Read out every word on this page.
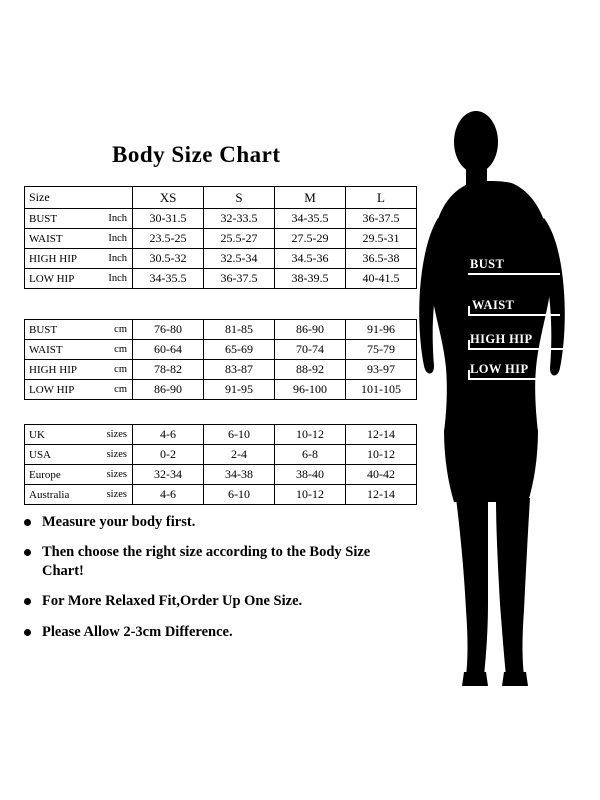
Body Size Chart
Size	XS	S	M	L
BUST Inch	30-31.5	32-33.5	34-35.5	36-37.5
WAIST Inch	23.5-25	25.5-27	27.5-29	29.5-31
HIGH HIP Inch	30.5-32	32.5-34	34.5-36	36.5-38
LOW HIP Inch	34-35.5	36-37.5	38-39.5	40-41.5
BUST cm	76-80	81-85	86-90	91-96
WAIST cm	60-64	65-69	70-74	75-79
HIGH HIP cm	78-82	83-87	88-92	93-97
LOW HIP cm	86-90	91-95	96-100	101-105
UK sizes	4-6	6-10	10-12	12-14
USA sizes	0-2	2-4	6-8	10-12
Europe sizes	32-34	34-38	38-40	40-42
Australia sizes	4-6	6-10	10-12	12-14
Measure your body first.
Then choose the right size according to the Body Size Chart!
For More Relaxed Fit,Order Up One Size.
Please Allow 2-3cm Difference.
BUST
WAIST
HIGH HIP
LOW HIP
